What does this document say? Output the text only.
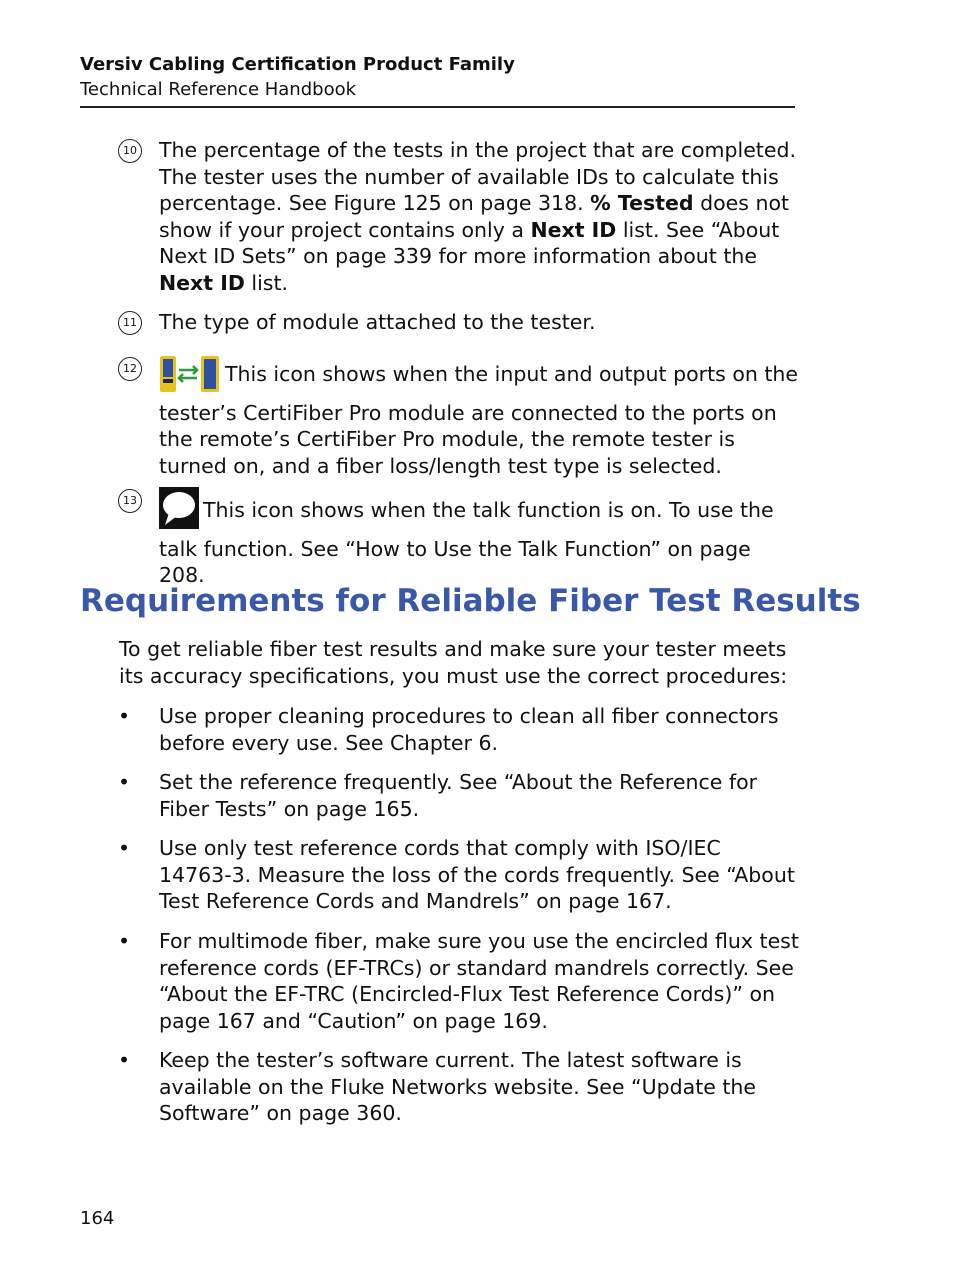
Versiv Cabling Certification Product Family
Technical Reference Handbook
10 The percentage of the tests in the project that are completed. The tester uses the number of available IDs to calculate this percentage. See Figure 125 on page 318. % Tested does not show if your project contains only a Next ID list. See “About Next ID Sets” on page 339 for more information about the Next ID list.
11 The type of module attached to the tester.
12	This icon shows when the input and output ports on the tester’s CertiFiber Pro module are connected to the ports on the remote’s CertiFiber Pro module, the remote tester is turned on, and a fiber loss/length test type is selected.
13	This icon shows when the talk function is on. To use the talk function. See “How to Use the Talk Function” on page 208.
Requirements for Reliable Fiber Test Results
To get reliable fiber test results and make sure your tester meets its accuracy specifications, you must use the correct procedures:
• Use proper cleaning procedures to clean all fiber connectors before every use. See Chapter 6.
• Set the reference frequently. See “About the Reference for Fiber Tests” on page 165.
• Use only test reference cords that comply with ISO/IEC 14763-3. Measure the loss of the cords frequently. See “About Test Reference Cords and Mandrels” on page 167.
• For multimode fiber, make sure you use the encircled flux test reference cords (EF-TRCs) or standard mandrels correctly. See “About the EF-TRC (Encircled-Flux Test Reference Cords)” on page 167 and “Caution” on page 169.
• Keep the tester’s software current. The latest software is available on the Fluke Networks website. See “Update the Software” on page 360.
164
